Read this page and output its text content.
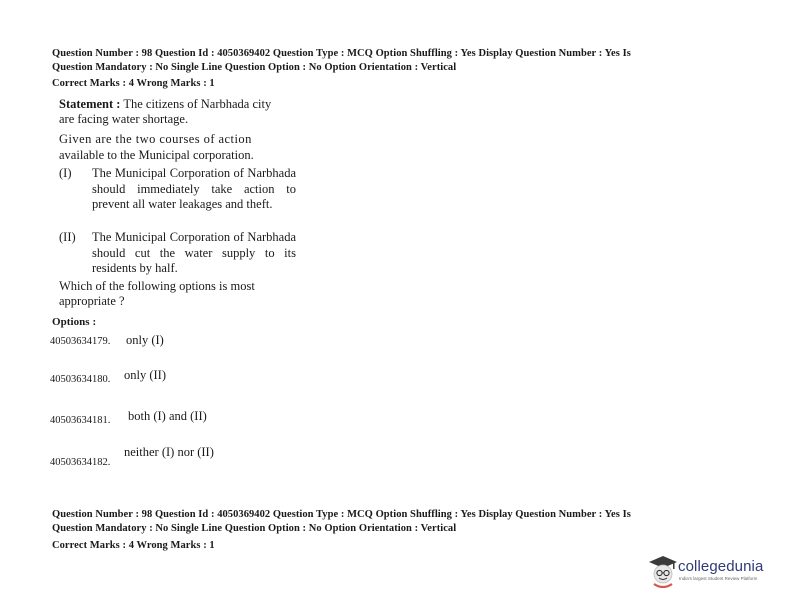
Question Number : 98 Question Id : 4050369402 Question Type : MCQ Option Shuffling : Yes Display Question Number : Yes Is
Question Mandatory : No Single Line Question Option : No Option Orientation : Vertical
Correct Marks : 4 Wrong Marks : 1
Statement : The citizens of Narbhada city
are facing water shortage.
Given are the two courses of action
available to the Municipal corporation.
(I) The Municipal Corporation of Narbhada should immediately take action to prevent all water leakages and theft.
(II) The Municipal Corporation of Narbhada should cut the water supply to its residents by half.
Which of the following options is most
appropriate ?
Options :
40503634179. only (I)
40503634180. only (II)
40503634181. both (I) and (II)
40503634182.
neither (I) nor (II)
Question Number : 98 Question Id : 4050369402 Question Type : MCQ Option Shuffling : Yes Display Question Number : Yes Is
Question Mandatory : No Single Line Question Option : No Option Orientation : Vertical
Correct Marks : 4 Wrong Marks : 1
collegedunia
India's largest Student Review Platform
